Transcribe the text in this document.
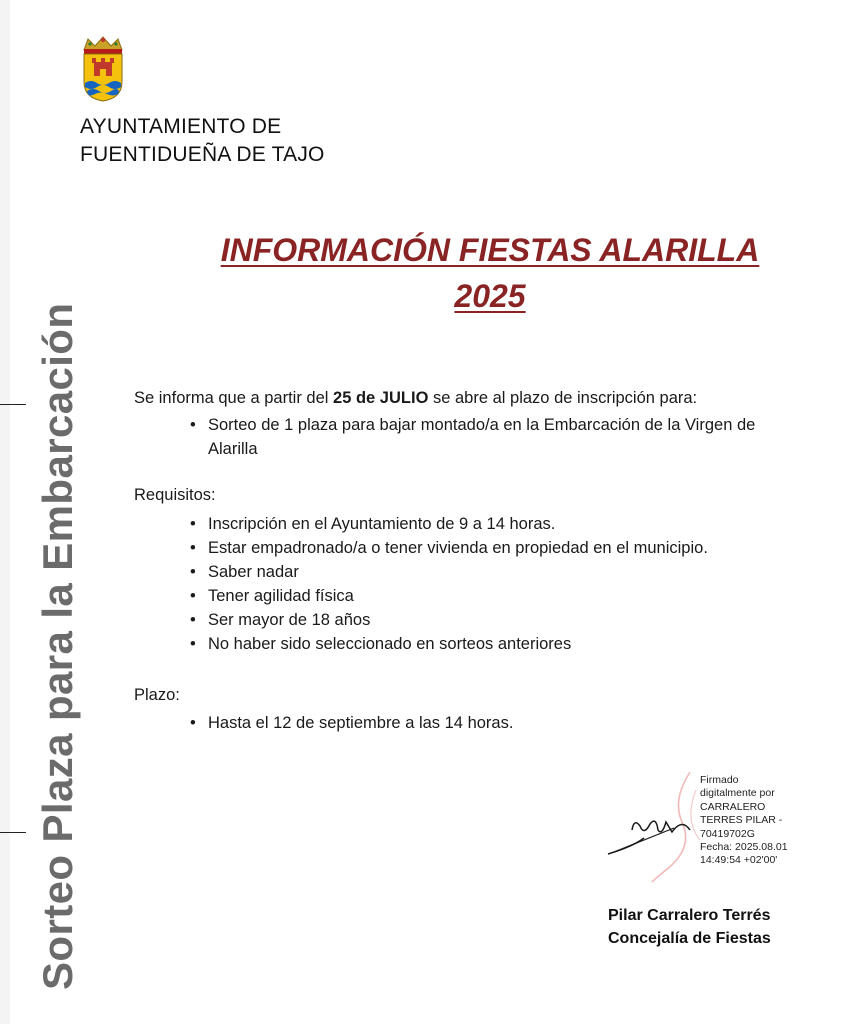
Sorteo Plaza para la Embarcación
AYUNTAMIENTO DE
FUENTIDUEÑA DE TAJO
INFORMACIÓN FIESTAS ALARILLA
2025
Se informa que a partir del 25 de JULIO se abre al plazo de inscripción para:
• Sorteo de 1 plaza para bajar montado/a en la Embarcación de la Virgen de Alarilla
Requisitos:
• Inscripción en el Ayuntamiento de 9 a 14 horas.
• Estar empadronado/a o tener vivienda en propiedad en el municipio.
• Saber nadar
• Tener agilidad física
• Ser mayor de 18 años
• No haber sido seleccionado en sorteos anteriores
Plazo:
• Hasta el 12 de septiembre a las 14 horas.
Firmado
digitalmente por
CARRALERO
TERRES PILAR -
70419702G
Fecha: 2025.08.01
14:49:54 +02'00'
Pilar Carralero Terrés
Concejalía de Fiestas
